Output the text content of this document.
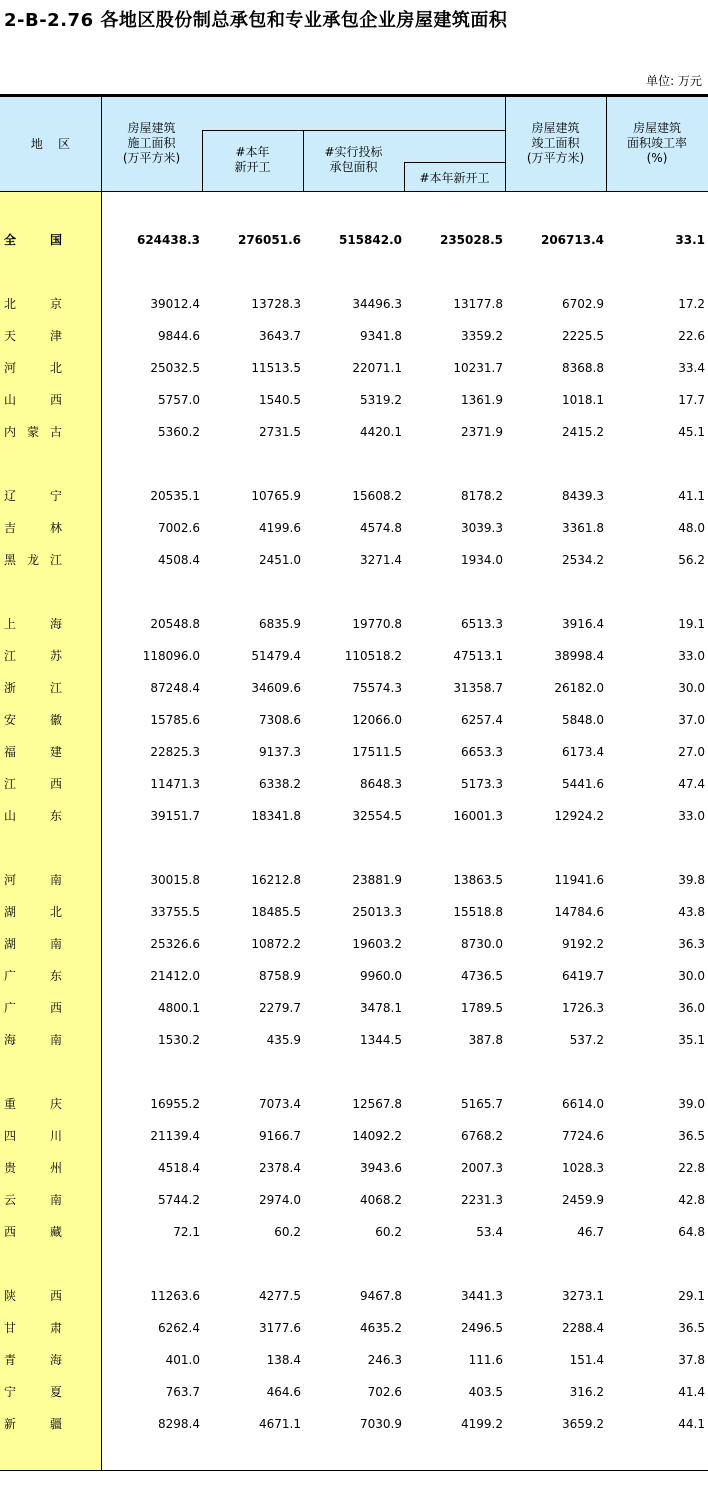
2-B-2.76 各地区股份制总承包和专业承包企业房屋建筑面积
单位: 万元
地    区
房屋建筑
施工面积
(万平方米)	#本年
新开工
#实行投标
承包面积
#本年新开工
房屋建筑
竣工面积
(万平方米)
房屋建筑
面积竣工率
(%)
全	国	624438.3	276051.6	515842.0	235028.5	206713.4	33.1
北	京	39012.4	13728.3	34496.3	13177.8	6702.9	17.2
天	津	9844.6	3643.7	9341.8	3359.2	2225.5	22.6
河	北	25032.5	11513.5	22071.1	10231.7	8368.8	33.4
山	西	5757.0	1540.5	5319.2	1361.9	1018.1	17.7
内 蒙 古	5360.2	2731.5	4420.1	2371.9	2415.2	45.1
辽	宁	20535.1	10765.9	15608.2	8178.2	8439.3	41.1
吉	林	7002.6	4199.6	4574.8	3039.3	3361.8	48.0
黑 龙 江	4508.4	2451.0	3271.4	1934.0	2534.2	56.2
上	海	20548.8	6835.9	19770.8	6513.3	3916.4	19.1
江	苏	118096.0	51479.4	110518.2	47513.1	38998.4	33.0
浙	江	87248.4	34609.6	75574.3	31358.7	26182.0	30.0
安	徽	15785.6	7308.6	12066.0	6257.4	5848.0	37.0
福	建	22825.3	9137.3	17511.5	6653.3	6173.4	27.0
江	西	11471.3	6338.2	8648.3	5173.3	5441.6	47.4
山	东	39151.7	18341.8	32554.5	16001.3	12924.2	33.0
河	南	30015.8	16212.8	23881.9	13863.5	11941.6	39.8
湖	北	33755.5	18485.5	25013.3	15518.8	14784.6	43.8
湖	南	25326.6	10872.2	19603.2	8730.0	9192.2	36.3
广	东	21412.0	8758.9	9960.0	4736.5	6419.7	30.0
广	西	4800.1	2279.7	3478.1	1789.5	1726.3	36.0
海	南	1530.2	435.9	1344.5	387.8	537.2	35.1
重	庆	16955.2	7073.4	12567.8	5165.7	6614.0	39.0
四	川	21139.4	9166.7	14092.2	6768.2	7724.6	36.5
贵	州	4518.4	2378.4	3943.6	2007.3	1028.3	22.8
云	南	5744.2	2974.0	4068.2	2231.3	2459.9	42.8
西	藏	72.1	60.2	60.2	53.4	46.7	64.8
陕	西	11263.6	4277.5	9467.8	3441.3	3273.1	29.1
甘	肃	6262.4	3177.6	4635.2	2496.5	2288.4	36.5
青	海	401.0	138.4	246.3	111.6	151.4	37.8
宁	夏	763.7	464.6	702.6	403.5	316.2	41.4
新	疆	8298.4	4671.1	7030.9	4199.2	3659.2	44.1
